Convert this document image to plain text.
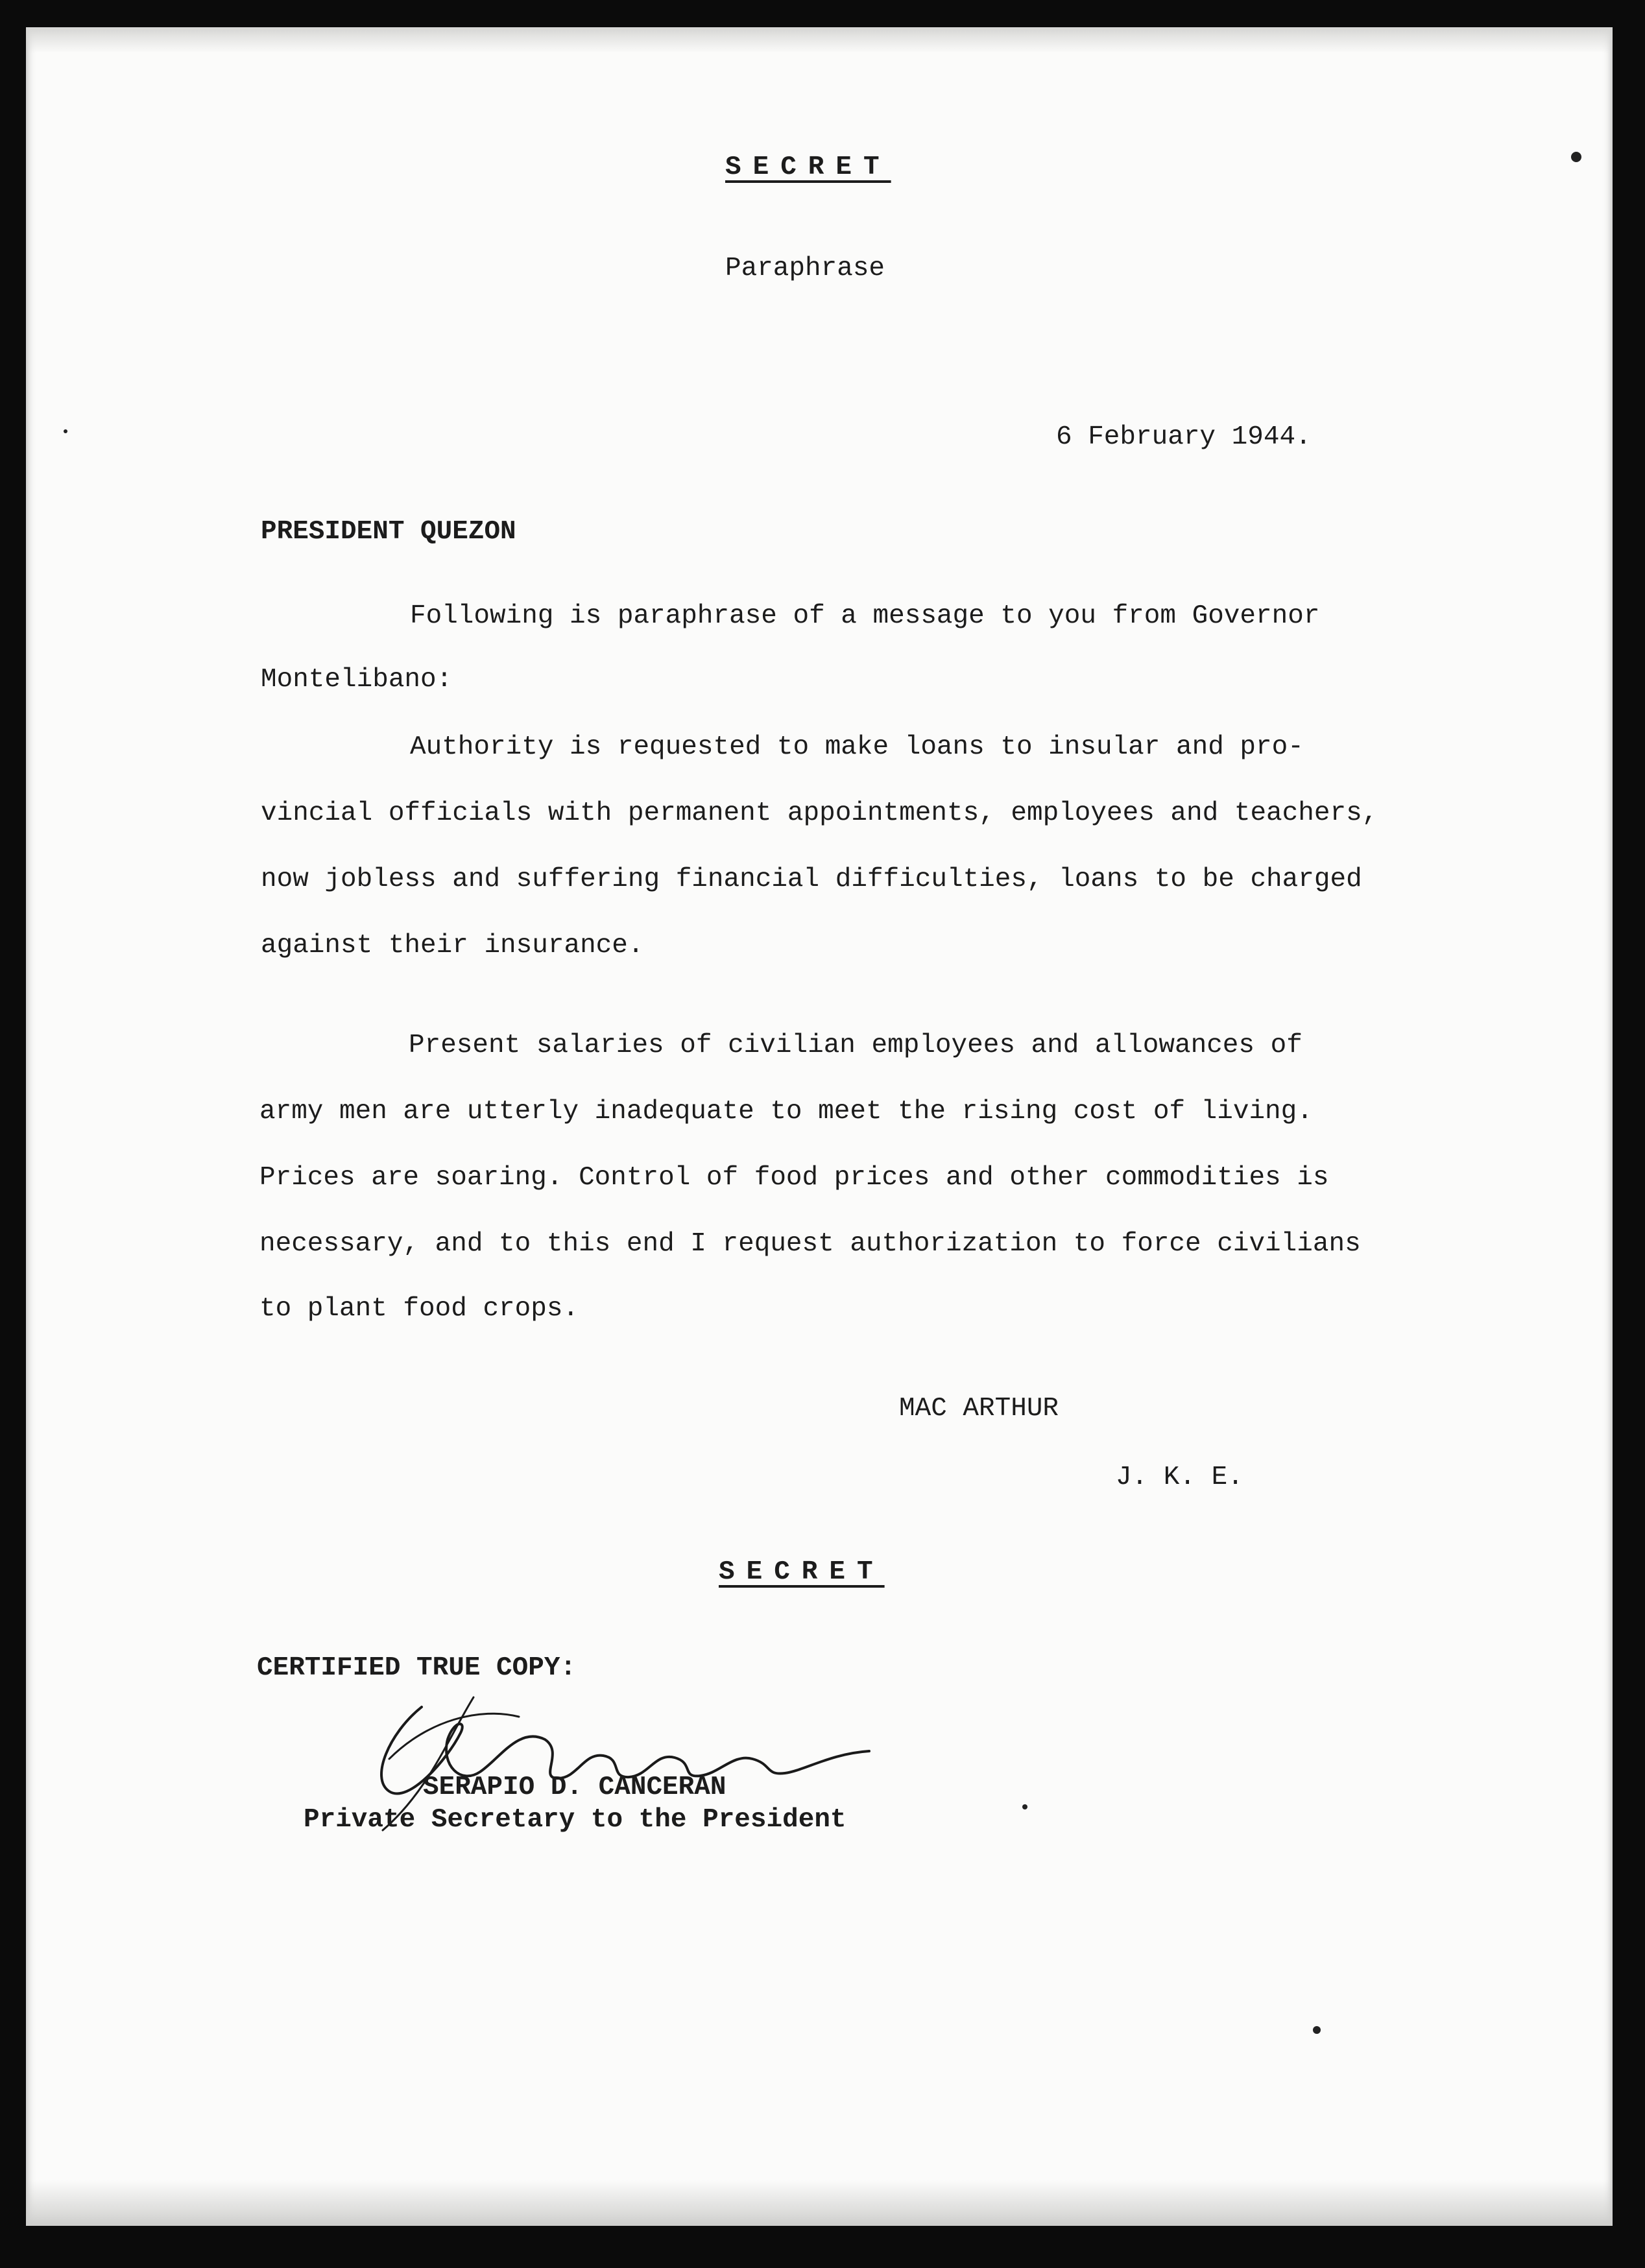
SECRET
Paraphrase
6 February 1944.
PRESIDENT QUEZON
Following is paraphrase of a message to you from Governor
Montelibano:
Authority is requested to make loans to insular and pro-
vincial officials with permanent appointments, employees and teachers,
now jobless and suffering financial difficulties, loans to be charged
against their insurance.
Present salaries of civilian employees and allowances of
army men are utterly inadequate to meet the rising cost of living.
Prices are soaring. Control of food prices and other commodities is
necessary, and to this end I request authorization to force civilians
to plant food crops.
MAC ARTHUR
J. K. E.
SECRET
CERTIFIED TRUE COPY:
SERAPIO D. CANCERAN
Private Secretary to the President
